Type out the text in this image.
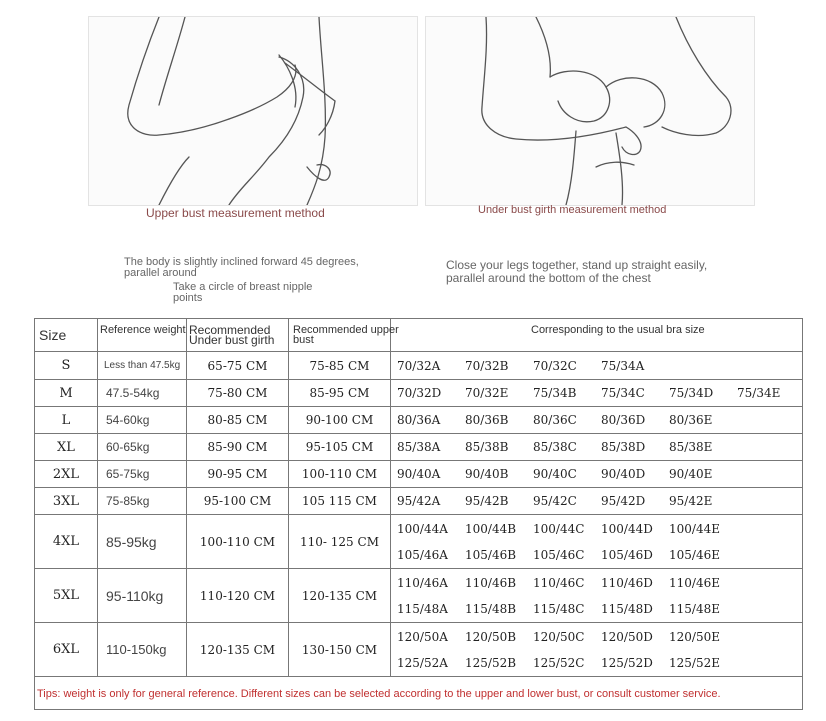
Upper bust measurement method	Under bust girth measurement method
The body is slightly inclined forward 45 degrees, parallel around
Take a circle of breast nipple points
Close your legs together, stand up straight easily, parallel around the bottom of the chest
Size	Reference weight	Recommended Under bust girth	Recommended upper bust	Corresponding to the usual bra size

S	Less than 47.5kg	65-75 CM	75-85 CM	70/32A 70/32B 70/32C 75/34A

M	47.5-54kg	75-80 CM	85-95 CM	70/32D 70/32E 75/34B 75/34C 75/34D 75/34E

L	54-60kg	80-85 CM	90-100 CM	80/36A 80/36B 80/36C 80/36D 80/36E

XL	60-65kg	85-90 CM	95-105 CM	85/38A 85/38B 85/38C 85/38D 85/38E

2XL	65-75kg	90-95 CM	100-110 CM	90/40A 90/40B 90/40C 90/40D 90/40E

3XL	75-85kg	95-100 CM	105 115 CM	95/42A 95/42B 95/42C 95/42D 95/42E

4XL	85-95kg	100-110 CM	110- 125 CM	100/44A 100/44B 100/44C 100/44D 100/44E
105/46A 105/46B 105/46C 105/46D 105/46E

5XL	95-110kg	110-120 CM	120-135 CM	110/46A 110/46B 110/46C 110/46D 110/46E
115/48A 115/48B 115/48C 115/48D 115/48E

6XL	110-150kg	120-135 CM	130-150 CM	120/50A 120/50B 120/50C 120/50D 120/50E
125/52A 125/52B 125/52C 125/52D 125/52E

Tips: weight is only for general reference. Different sizes can be selected according to the upper and lower bust, or consult customer service.				
